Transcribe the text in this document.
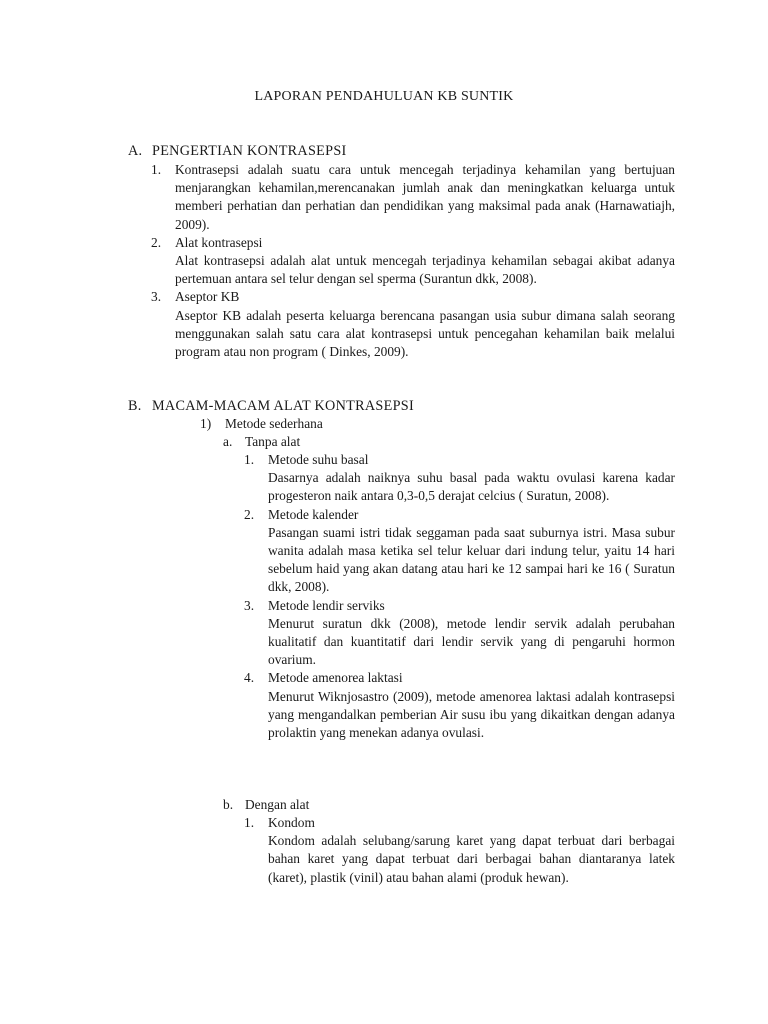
LAPORAN PENDAHULUAN KB SUNTIK
A. PENGERTIAN KONTRASEPSI
1. Kontrasepsi adalah suatu cara untuk mencegah terjadinya kehamilan yang bertujuan menjarangkan kehamilan,merencanakan jumlah anak dan meningkatkan keluarga untuk memberi perhatian dan perhatian dan pendidikan yang maksimal pada anak (Harnawatiajh, 2009).
2. Alat kontrasepsi
Alat kontrasepsi adalah alat untuk mencegah terjadinya kehamilan sebagai akibat adanya pertemuan antara sel telur dengan sel sperma (Surantun dkk, 2008).
3. Aseptor KB
Aseptor KB adalah peserta keluarga berencana pasangan usia subur dimana salah seorang menggunakan salah satu cara alat kontrasepsi untuk pencegahan kehamilan baik melalui program atau non program ( Dinkes, 2009).
B. MACAM-MACAM ALAT KONTRASEPSI
1) Metode sederhana
a. Tanpa alat
1. Metode suhu basal
Dasarnya adalah naiknya suhu basal pada waktu ovulasi karena kadar progesteron naik antara 0,3-0,5 derajat celcius ( Suratun, 2008).
2. Metode kalender
Pasangan suami istri tidak seggaman pada saat suburnya istri. Masa subur wanita adalah masa ketika sel telur keluar dari indung telur, yaitu 14 hari sebelum haid yang akan datang atau hari ke 12 sampai hari ke 16 ( Suratun dkk, 2008).
3. Metode lendir serviks
Menurut suratun dkk (2008), metode lendir servik adalah perubahan kualitatif dan kuantitatif dari lendir servik yang di pengaruhi hormon ovarium.
4. Metode amenorea laktasi
Menurut Wiknjosastro (2009), metode amenorea laktasi adalah kontrasepsi yang mengandalkan pemberian Air susu ibu yang dikaitkan dengan adanya prolaktin yang menekan adanya ovulasi.
b. Dengan alat
1. Kondom
Kondom adalah selubang/sarung karet yang dapat terbuat dari berbagai bahan karet yang dapat terbuat dari berbagai bahan diantaranya latek (karet), plastik (vinil) atau bahan alami (produk hewan).
